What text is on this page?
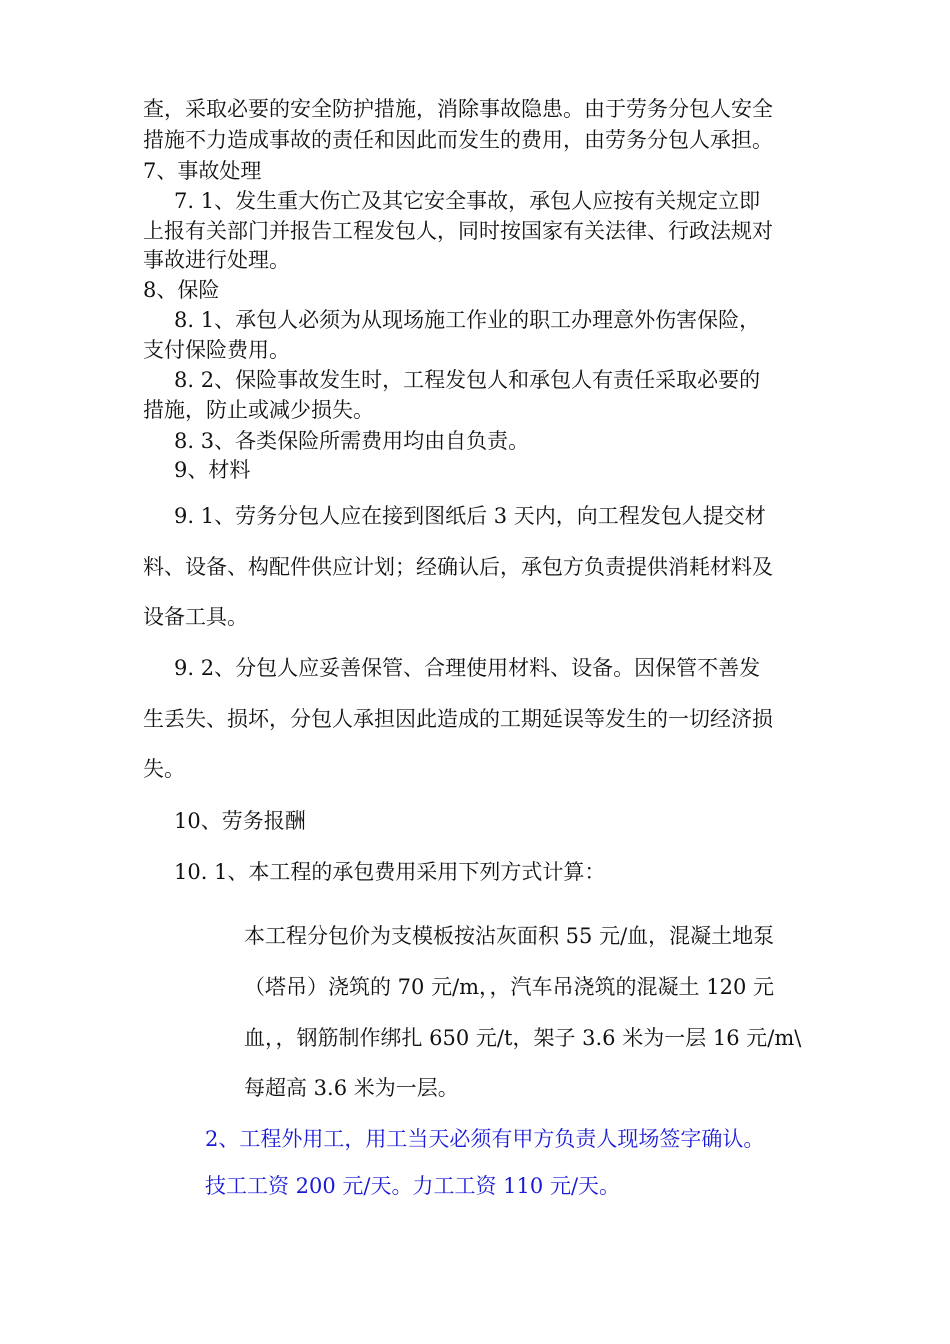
查，采取必要的安全防护措施，消除事故隐患。由于劳务分包人安全

措施不力造成事故的责任和因此而发生的费用，由劳务分包人承担。

7、事故处理

7. 1、发生重大伤亡及其它安全事故，承包人应按有关规定立即

上报有关部门并报告工程发包人，同时按国家有关法律、行政法规对

事故进行处理。

8、保险

8. 1、承包人必须为从现场施工作业的职工办理意外伤害保险，

支付保险费用。

8. 2、保险事故发生时，工程发包人和承包人有责任采取必要的

措施，防止或减少损失。

8. 3、各类保险所需费用均由自负责。

9、材料

9. 1、劳务分包人应在接到图纸后 3 天内，向工程发包人提交材

料、设备、构配件供应计划；经确认后，承包方负责提供消耗材料及

设备工具。

9. 2、分包人应妥善保管、合理使用材料、设备。因保管不善发

生丢失、损坏，分包人承担因此造成的工期延误等发生的一切经济损

失。

10、劳务报酬

10. 1、本工程的承包费用采用下列方式计算：

本工程分包价为支模板按沾灰面积 55 元/血，混凝土地泵

（塔吊）浇筑的 70 元/m，，汽车吊浇筑的混凝土 120 元

血，，钢筋制作绑扎 650 元/t，架子 3.6 米为一层 16 元/m\

每超高 3.6 米为一层。

2、工程外用工，用工当天必须有甲方负责人现场签字确认。

技工工资 200 元/天。力工工资 110 元/天。
